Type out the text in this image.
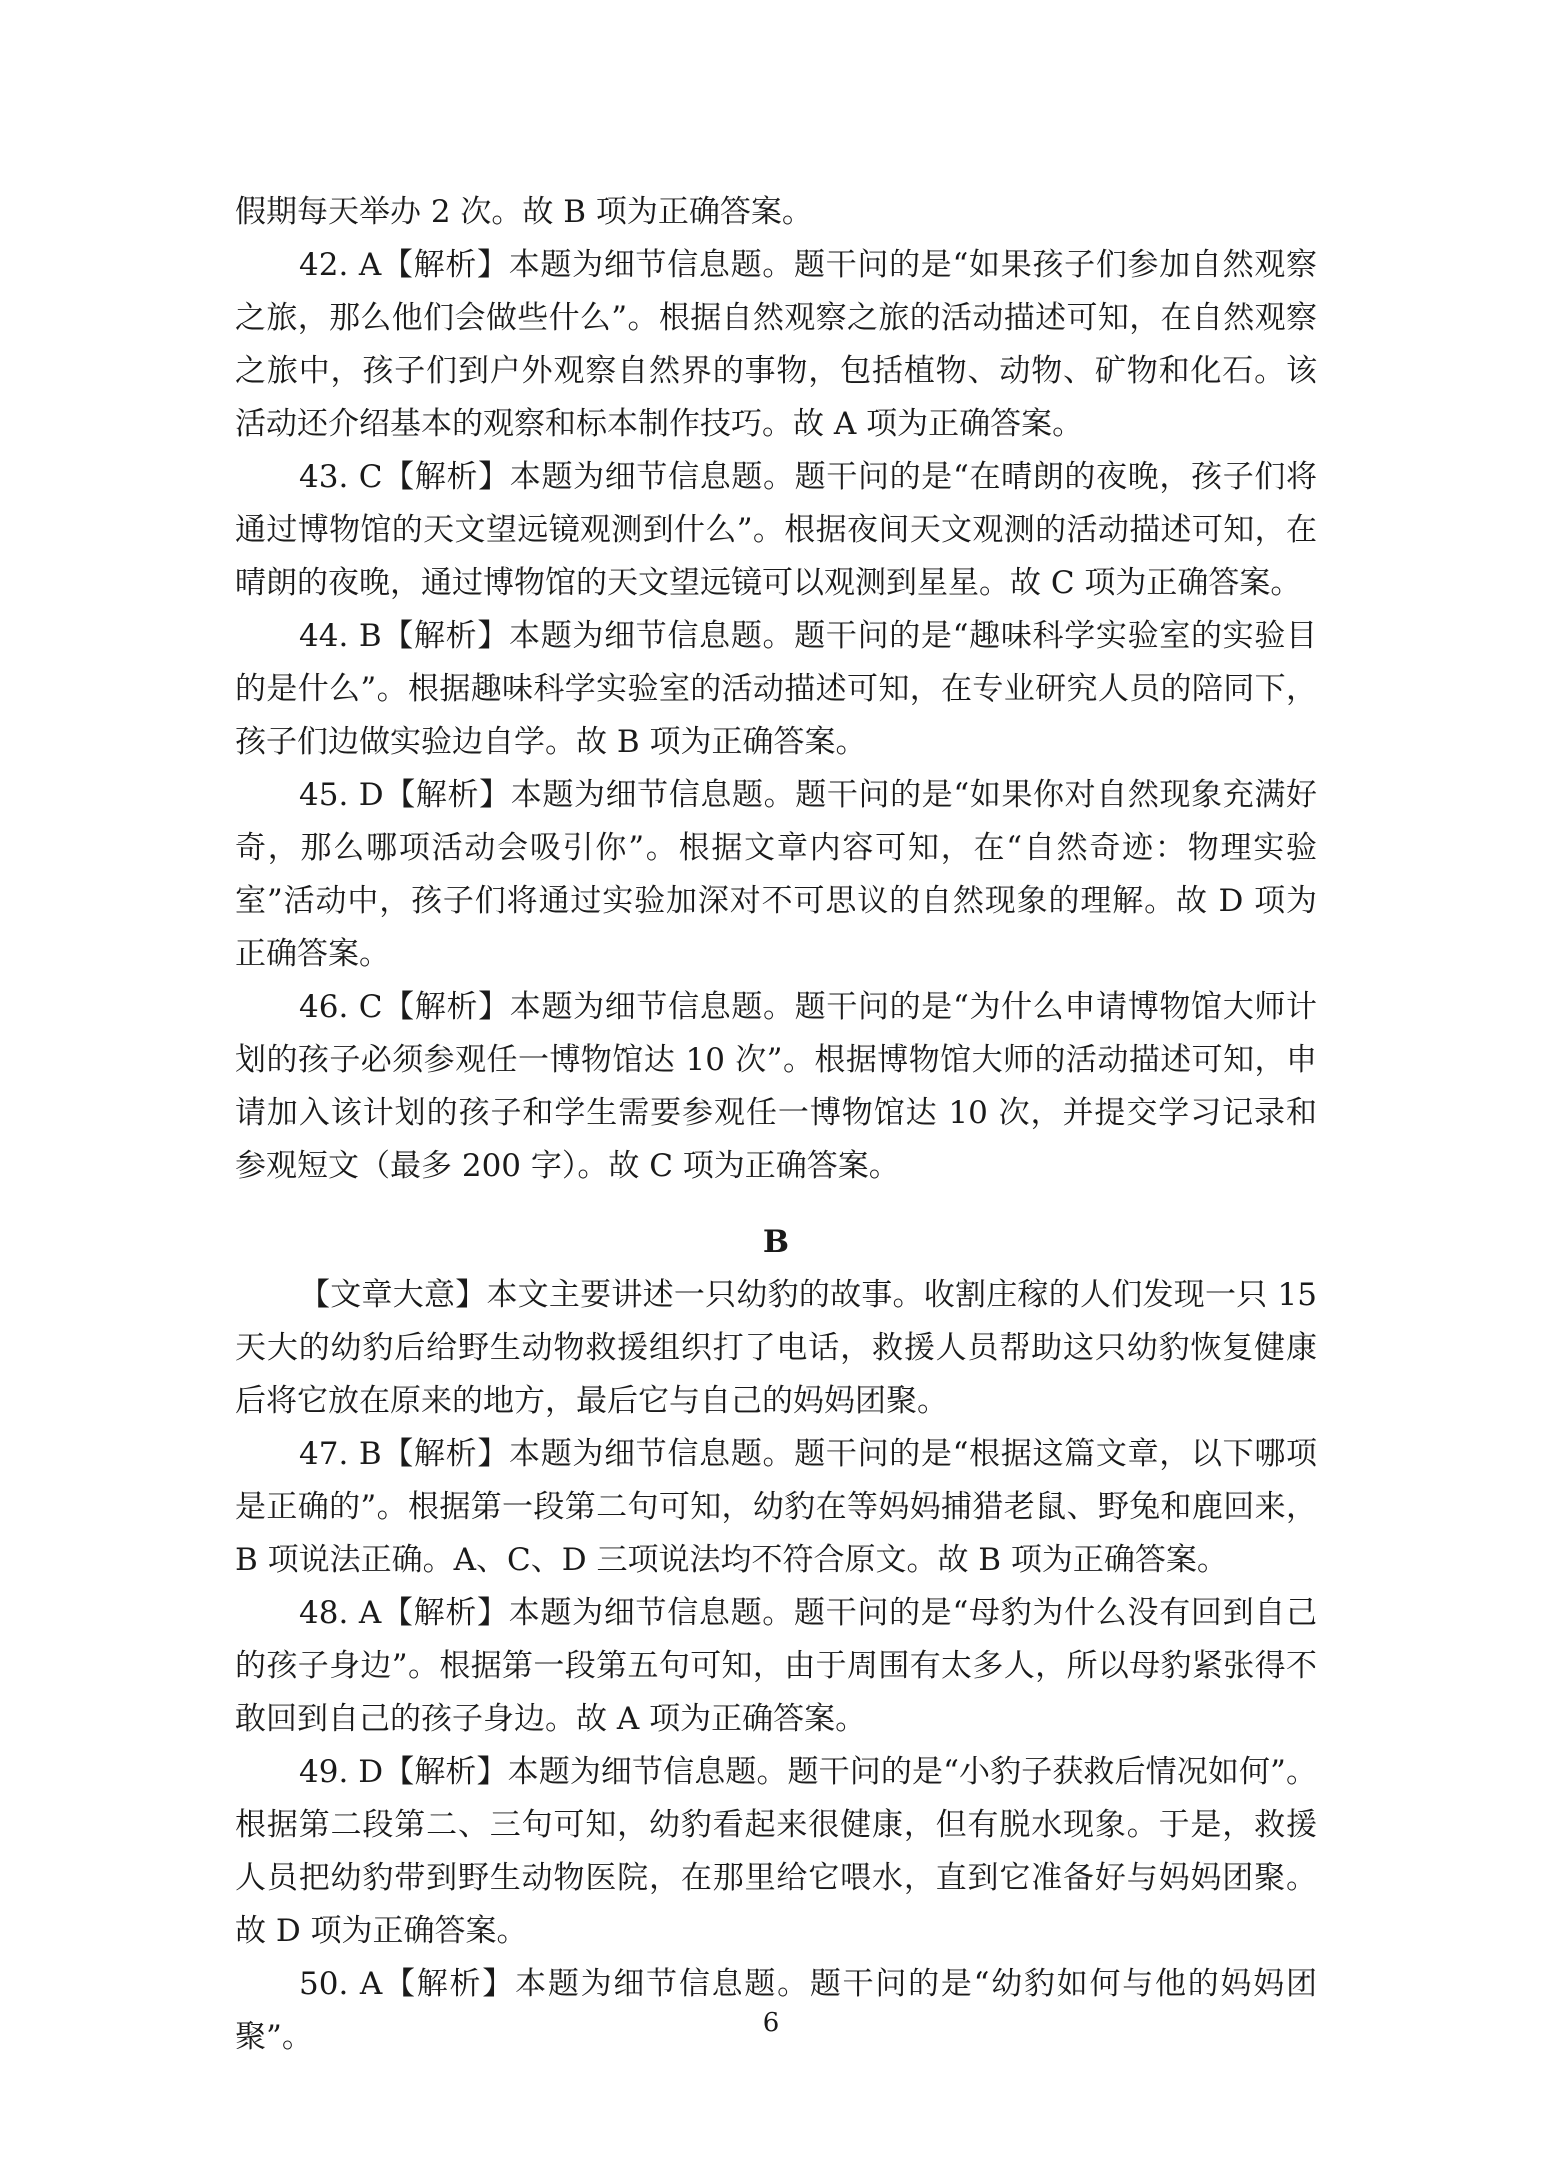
假期每天举办 2 次。故 B 项为正确答案。

42. A【解析】本题为细节信息题。题干问的是“如果孩子们参加自然观察之旅，那么他们会做些什么”。根据自然观察之旅的活动描述可知，在自然观察之旅中，孩子们到户外观察自然界的事物，包括植物、动物、矿物和化石。该活动还介绍基本的观察和标本制作技巧。故 A 项为正确答案。

43. C【解析】本题为细节信息题。题干问的是“在晴朗的夜晚，孩子们将通过博物馆的天文望远镜观测到什么”。根据夜间天文观测的活动描述可知，在晴朗的夜晚，通过博物馆的天文望远镜可以观测到星星。故 C 项为正确答案。

44. B【解析】本题为细节信息题。题干问的是“趣味科学实验室的实验目的是什么”。根据趣味科学实验室的活动描述可知，在专业研究人员的陪同下，孩子们边做实验边自学。故 B 项为正确答案。

45. D【解析】本题为细节信息题。题干问的是“如果你对自然现象充满好奇，那么哪项活动会吸引你”。根据文章内容可知，在“自然奇迹：物理实验室”活动中，孩子们将通过实验加深对不可思议的自然现象的理解。故 D 项为正确答案。

46. C【解析】本题为细节信息题。题干问的是“为什么申请博物馆大师计划的孩子必须参观任一博物馆达 10 次”。根据博物馆大师的活动描述可知，申请加入该计划的孩子和学生需要参观任一博物馆达 10 次，并提交学习记录和参观短文（最多 200 字）。故 C 项为正确答案。

B

【文章大意】本文主要讲述一只幼豹的故事。收割庄稼的人们发现一只 15 天大的幼豹后给野生动物救援组织打了电话，救援人员帮助这只幼豹恢复健康后将它放在原来的地方，最后它与自己的妈妈团聚。

47. B【解析】本题为细节信息题。题干问的是“根据这篇文章，以下哪项是正确的”。根据第一段第二句可知，幼豹在等妈妈捕猎老鼠、野兔和鹿回来，B 项说法正确。A、C、D 三项说法均不符合原文。故 B 项为正确答案。

48. A【解析】本题为细节信息题。题干问的是“母豹为什么没有回到自己的孩子身边”。根据第一段第五句可知，由于周围有太多人，所以母豹紧张得不敢回到自己的孩子身边。故 A 项为正确答案。

49. D【解析】本题为细节信息题。题干问的是“小豹子获救后情况如何”。根据第二段第二、三句可知，幼豹看起来很健康，但有脱水现象。于是，救援人员把幼豹带到野生动物医院，在那里给它喂水，直到它准备好与妈妈团聚。故 D 项为正确答案。

50. A【解析】本题为细节信息题。题干问的是“幼豹如何与他的妈妈团聚”。	6
